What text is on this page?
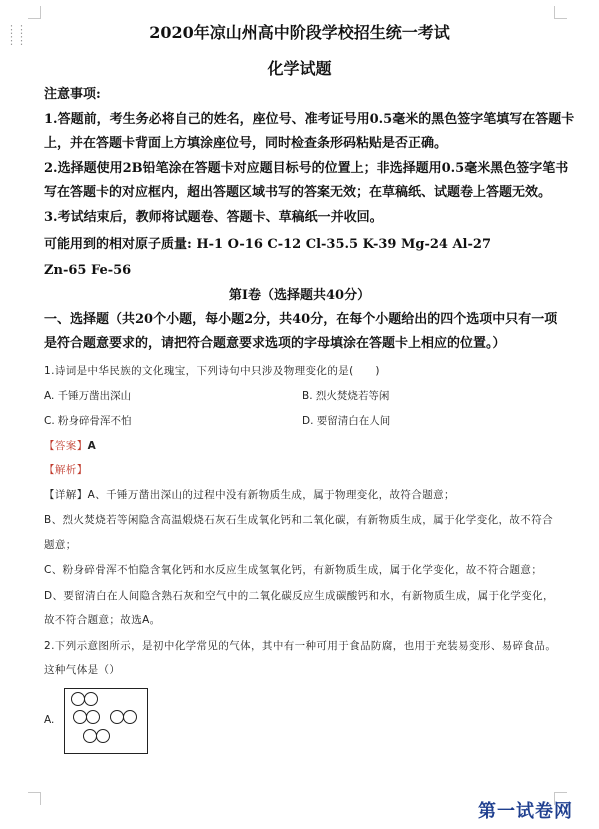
⋮⋮
⋮⋮	2020年凉山州高中阶段学校招生统一考试
化学试题
注意事项:
1.答题前，考生务必将自己的姓名，座位号、准考证号用0.5毫米的黑色签字笔填写在答题卡
上，并在答题卡背面上方填涂座位号，同时检查条形码粘贴是否正确。
2.选择题使用2B铅笔涂在答题卡对应题目标号的位置上；非选择题用0.5毫米黑色签字笔书
写在答题卡的对应框内，超出答题区域书写的答案无效；在草稿纸、试题卷上答题无效。
3.考试结束后，教师将试题卷、答题卡、草稿纸一并收回。
可能用到的相对原子质量: H-1 O-16 C-12 Cl-35.5 K-39 Mg-24 Al-27
Zn-65 Fe-56
第I卷（选择题共40分）
一、选择题（共20个小题，每小题2分，共40分，在每个小题给出的四个选项中只有一项
是符合题意要求的，请把符合题意要求选项的字母填涂在答题卡上相应的位置。）
1.诗词是中华民族的文化瑰宝，下列诗句中只涉及物理变化的是(　　)
A. 千锤万凿出深山	B. 烈火焚烧若等闲
C. 粉身碎骨浑不怕	D. 要留清白在人间
【答案】A
【解析】
【详解】A、千锤万凿出深山的过程中没有新物质生成，属于物理变化，故符合题意；
B、烈火焚烧若等闲隐含高温煅烧石灰石生成氧化钙和二氧化碳，有新物质生成，属于化学变化，故不符合
题意；
C、粉身碎骨浑不怕隐含氧化钙和水反应生成氢氧化钙，有新物质生成，属于化学变化，故不符合题意；
D、要留清白在人间隐含熟石灰和空气中的二氧化碳反应生成碳酸钙和水，有新物质生成，属于化学变化，
故不符合题意；故选A。
2.下列示意图所示，是初中化学常见的气体，其中有一种可用于食品防腐，也用于充装易变形、易碎食品。
这种气体是（）
A.
第一试卷网
